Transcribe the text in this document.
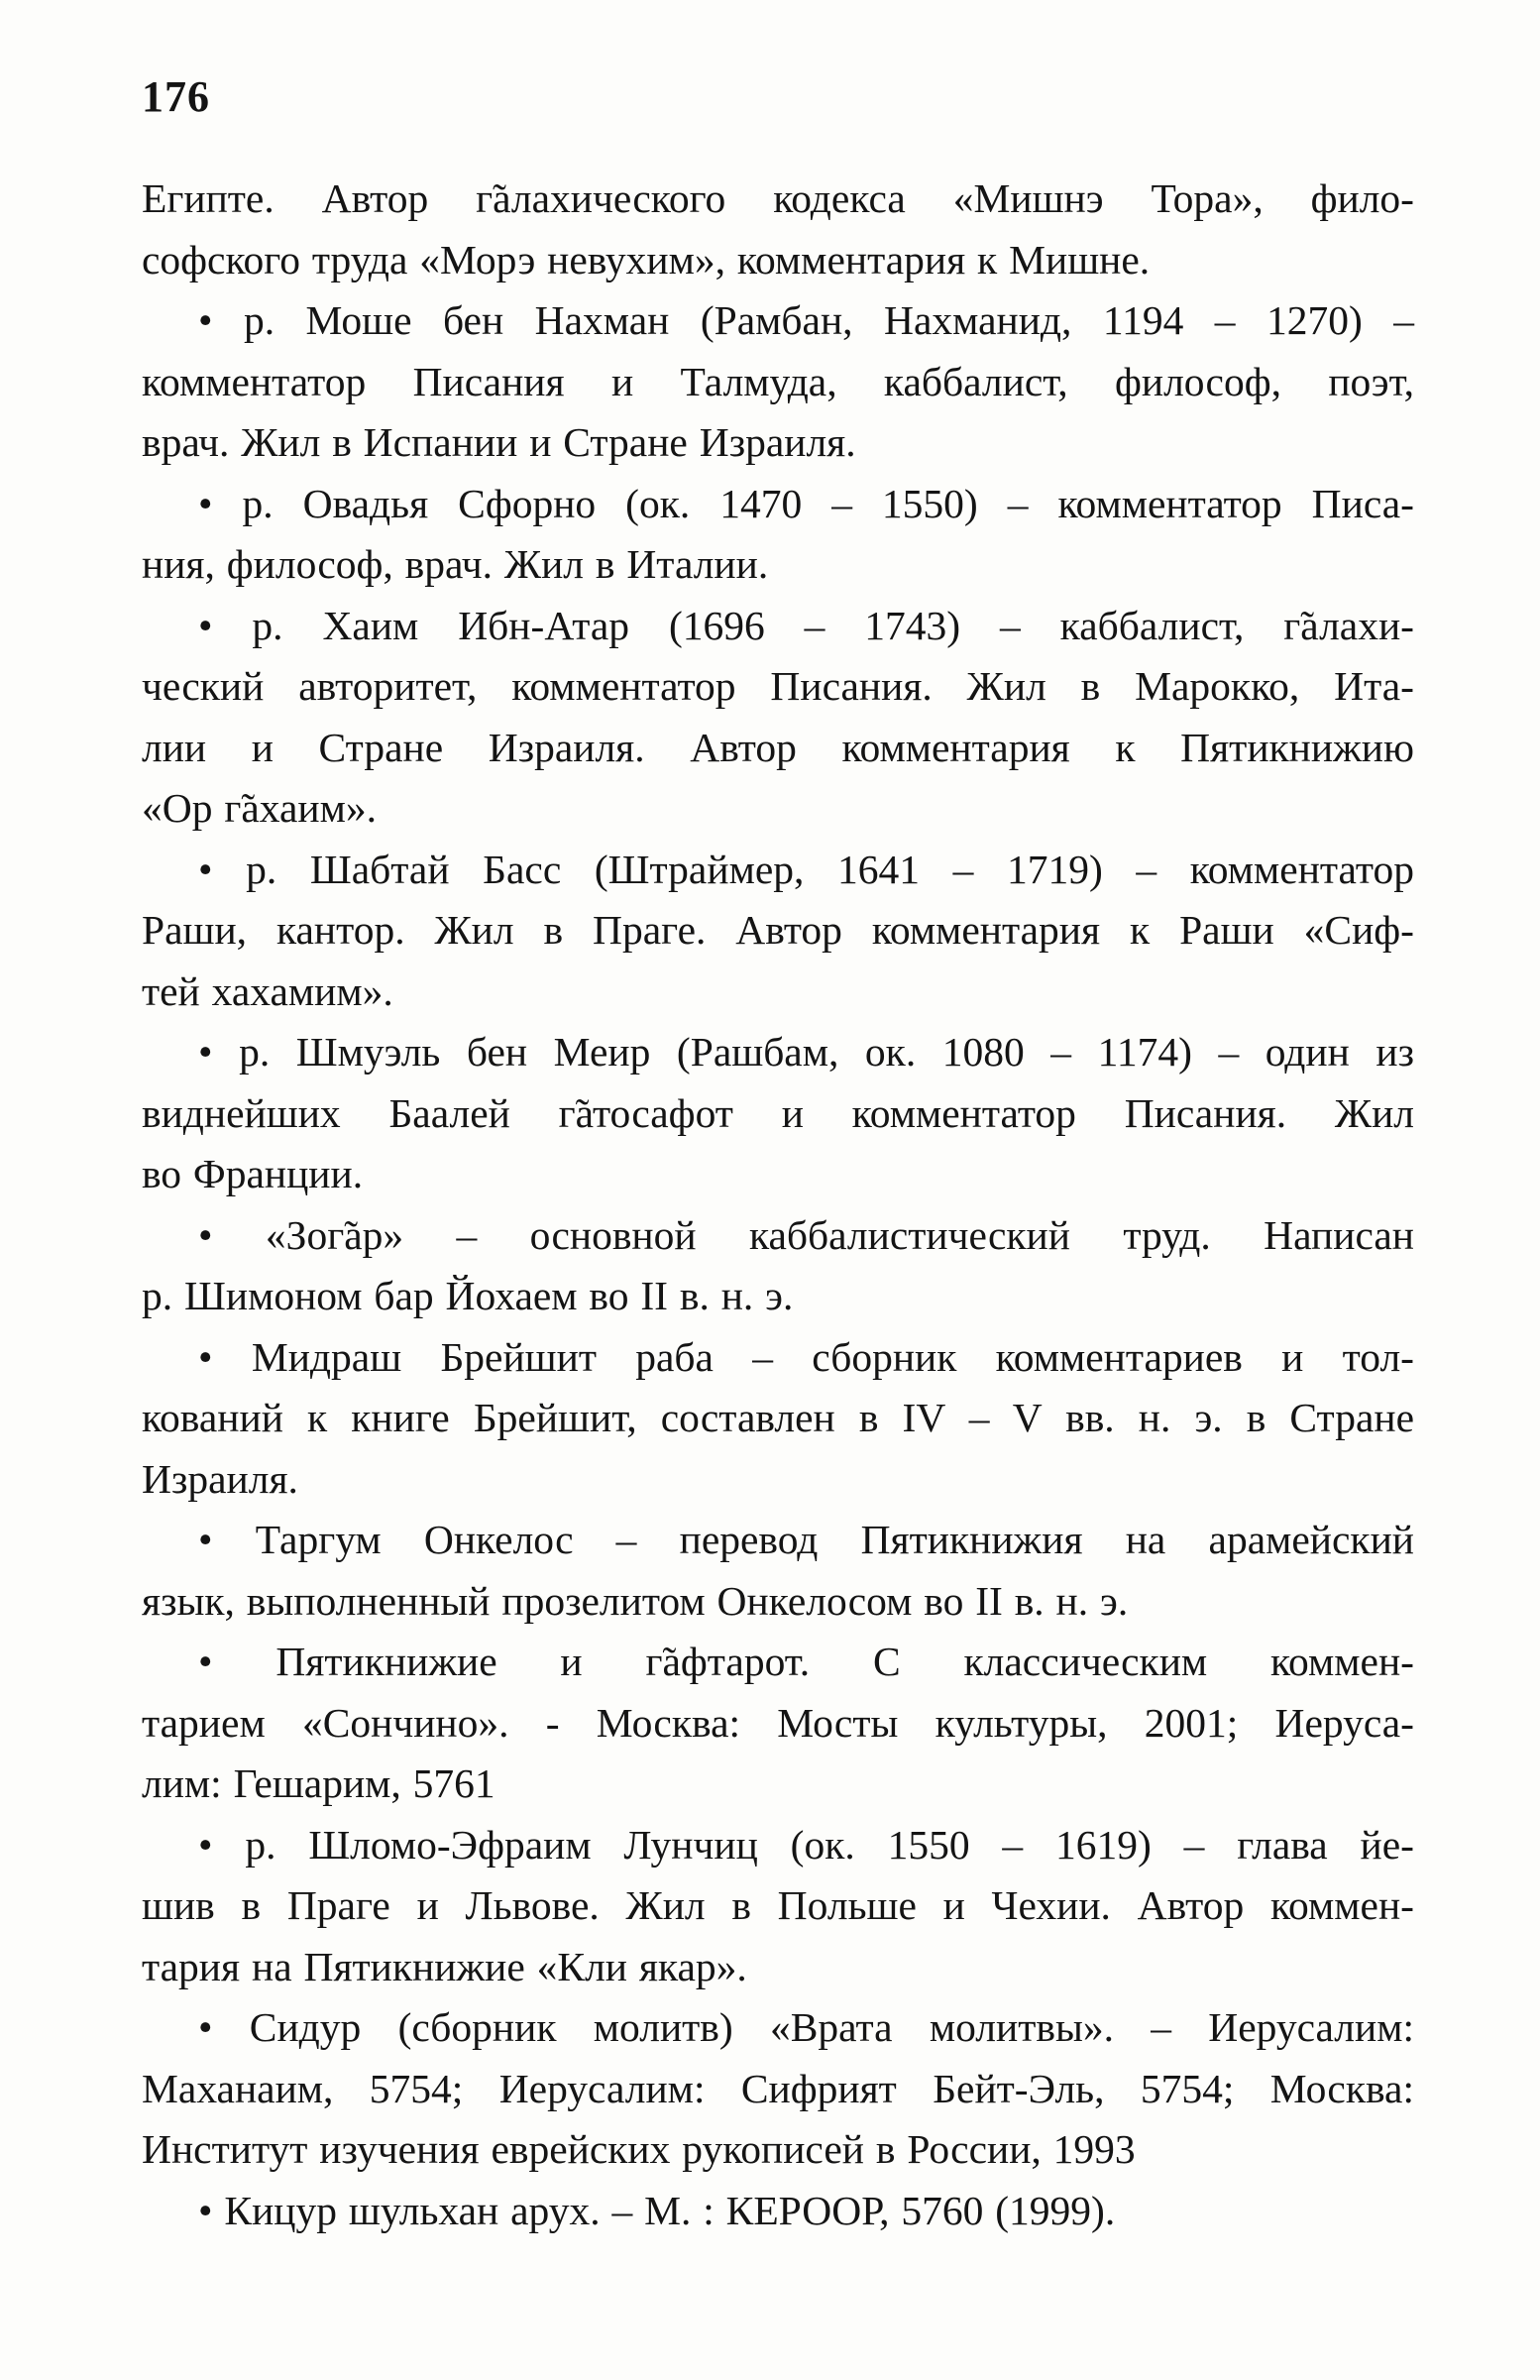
176
Египте. Автор г̃алахического кодекса «Мишнэ Тора», фило-
софского труда «Морэ невухим», комментария к Мишне.
• р. Моше бен Нахман (Рамбан, Нахманид, 1194 – 1270) –
комментатор Писания и Талмуда, каббалист, философ, поэт,
врач. Жил в Испании и Стране Израиля.
• р. Овадья Сфорно (ок. 1470 – 1550) – комментатор Писа-
ния, философ, врач. Жил в Италии.
• р. Хаим Ибн-Атар (1696 – 1743) – каббалист, г̃алахи-
ческий авторитет, комментатор Писания. Жил в Марокко, Ита-
лии и Стране Израиля. Автор комментария к Пятикнижию
«Ор г̃ахаим».
• р. Шабтай Басс (Штраймер, 1641 – 1719) – комментатор
Раши, кантор. Жил в Праге. Автор комментария к Раши «Сиф-
тей хахамим».
• р. Шмуэль бен Меир (Рашбам, ок. 1080 – 1174) – один из
виднейших Баалей г̃атосафот и комментатор Писания. Жил
во Франции.
• «Зог̃ар» – основной каббалистический труд. Написан
р. Шимоном бар Йохаем во II в. н. э.
• Мидраш Брейшит раба – сборник комментариев и тол-
кований к книге Брейшит, составлен в IV – V вв. н. э. в Стране
Израиля.
• Таргум Онкелос – перевод Пятикнижия на арамейский
язык, выполненный прозелитом Онкелосом во II в. н. э.
• Пятикнижие и г̃афтарот. С классическим коммен-
тарием «Сончино». - Москва: Мосты культуры, 2001; Иеруса-
лим: Гешарим, 5761
• р. Шломо-Эфраим Лунчиц (ок. 1550 – 1619) – глава йе-
шив в Праге и Львове. Жил в Польше и Чехии. Автор коммен-
тария на Пятикнижие «Кли якар».
• Сидур (сборник молитв) «Врата молитвы». – Иерусалим:
Маханаим, 5754; Иерусалим: Сифрият Бейт-Эль, 5754; Москва:
Институт изучения еврейских рукописей в России, 1993
• Кицур шульхан арух. – М. : КЕРООР, 5760 (1999).
